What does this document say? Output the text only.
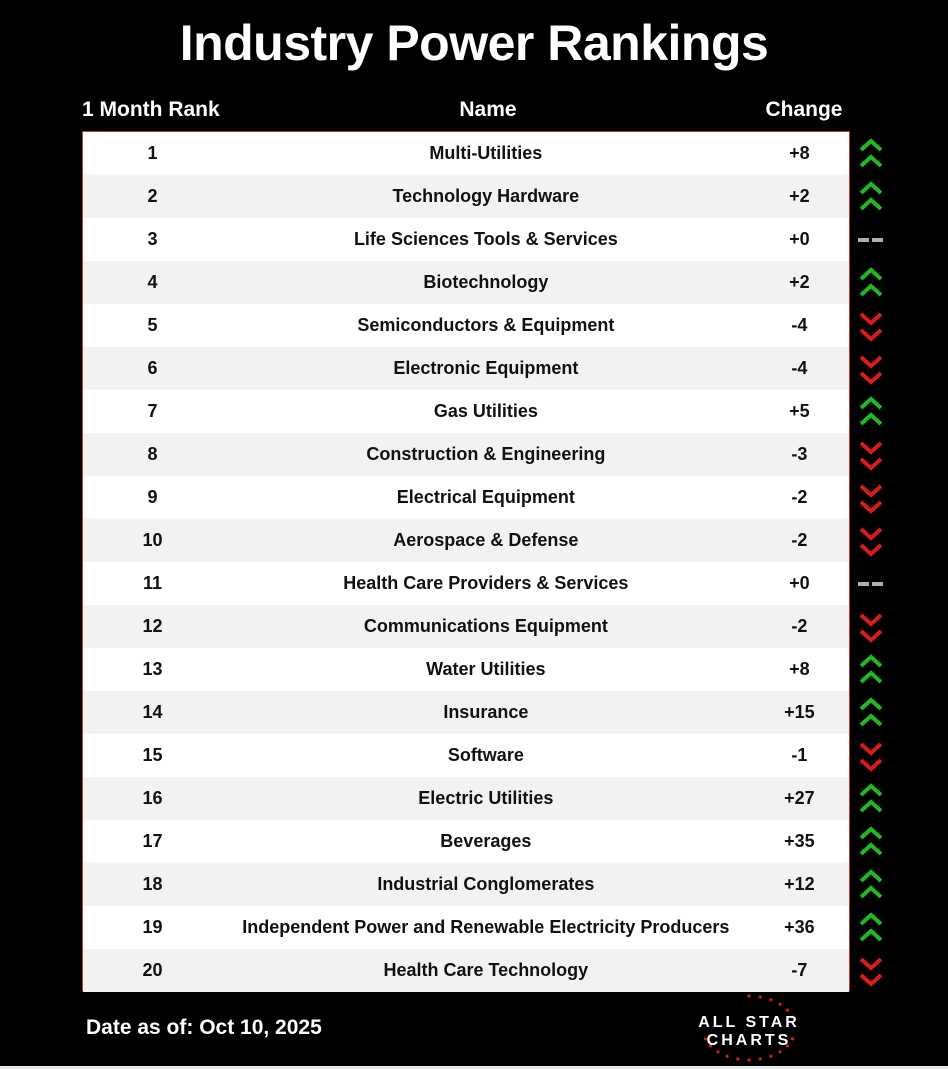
Industry Power Rankings
1 Month Rank	Name	Change
1	Multi-Utilities	+8
2	Technology Hardware	+2
3	Life Sciences Tools & Services	+0
4	Biotechnology	+2
5	Semiconductors & Equipment	-4
6	Electronic Equipment	-4
7	Gas Utilities	+5
8	Construction & Engineering	-3
9	Electrical Equipment	-2
10	Aerospace & Defense	-2
11	Health Care Providers & Services	+0
12	Communications Equipment	-2
13	Water Utilities	+8
14	Insurance	+15
15	Software	-1
16	Electric Utilities	+27
17	Beverages	+35
18	Industrial Conglomerates	+12
19	Independent Power and Renewable Electricity Producers	+36
20	Health Care Technology	-7
Date as of: Oct 10, 2025	ALL STAR
CHARTS
